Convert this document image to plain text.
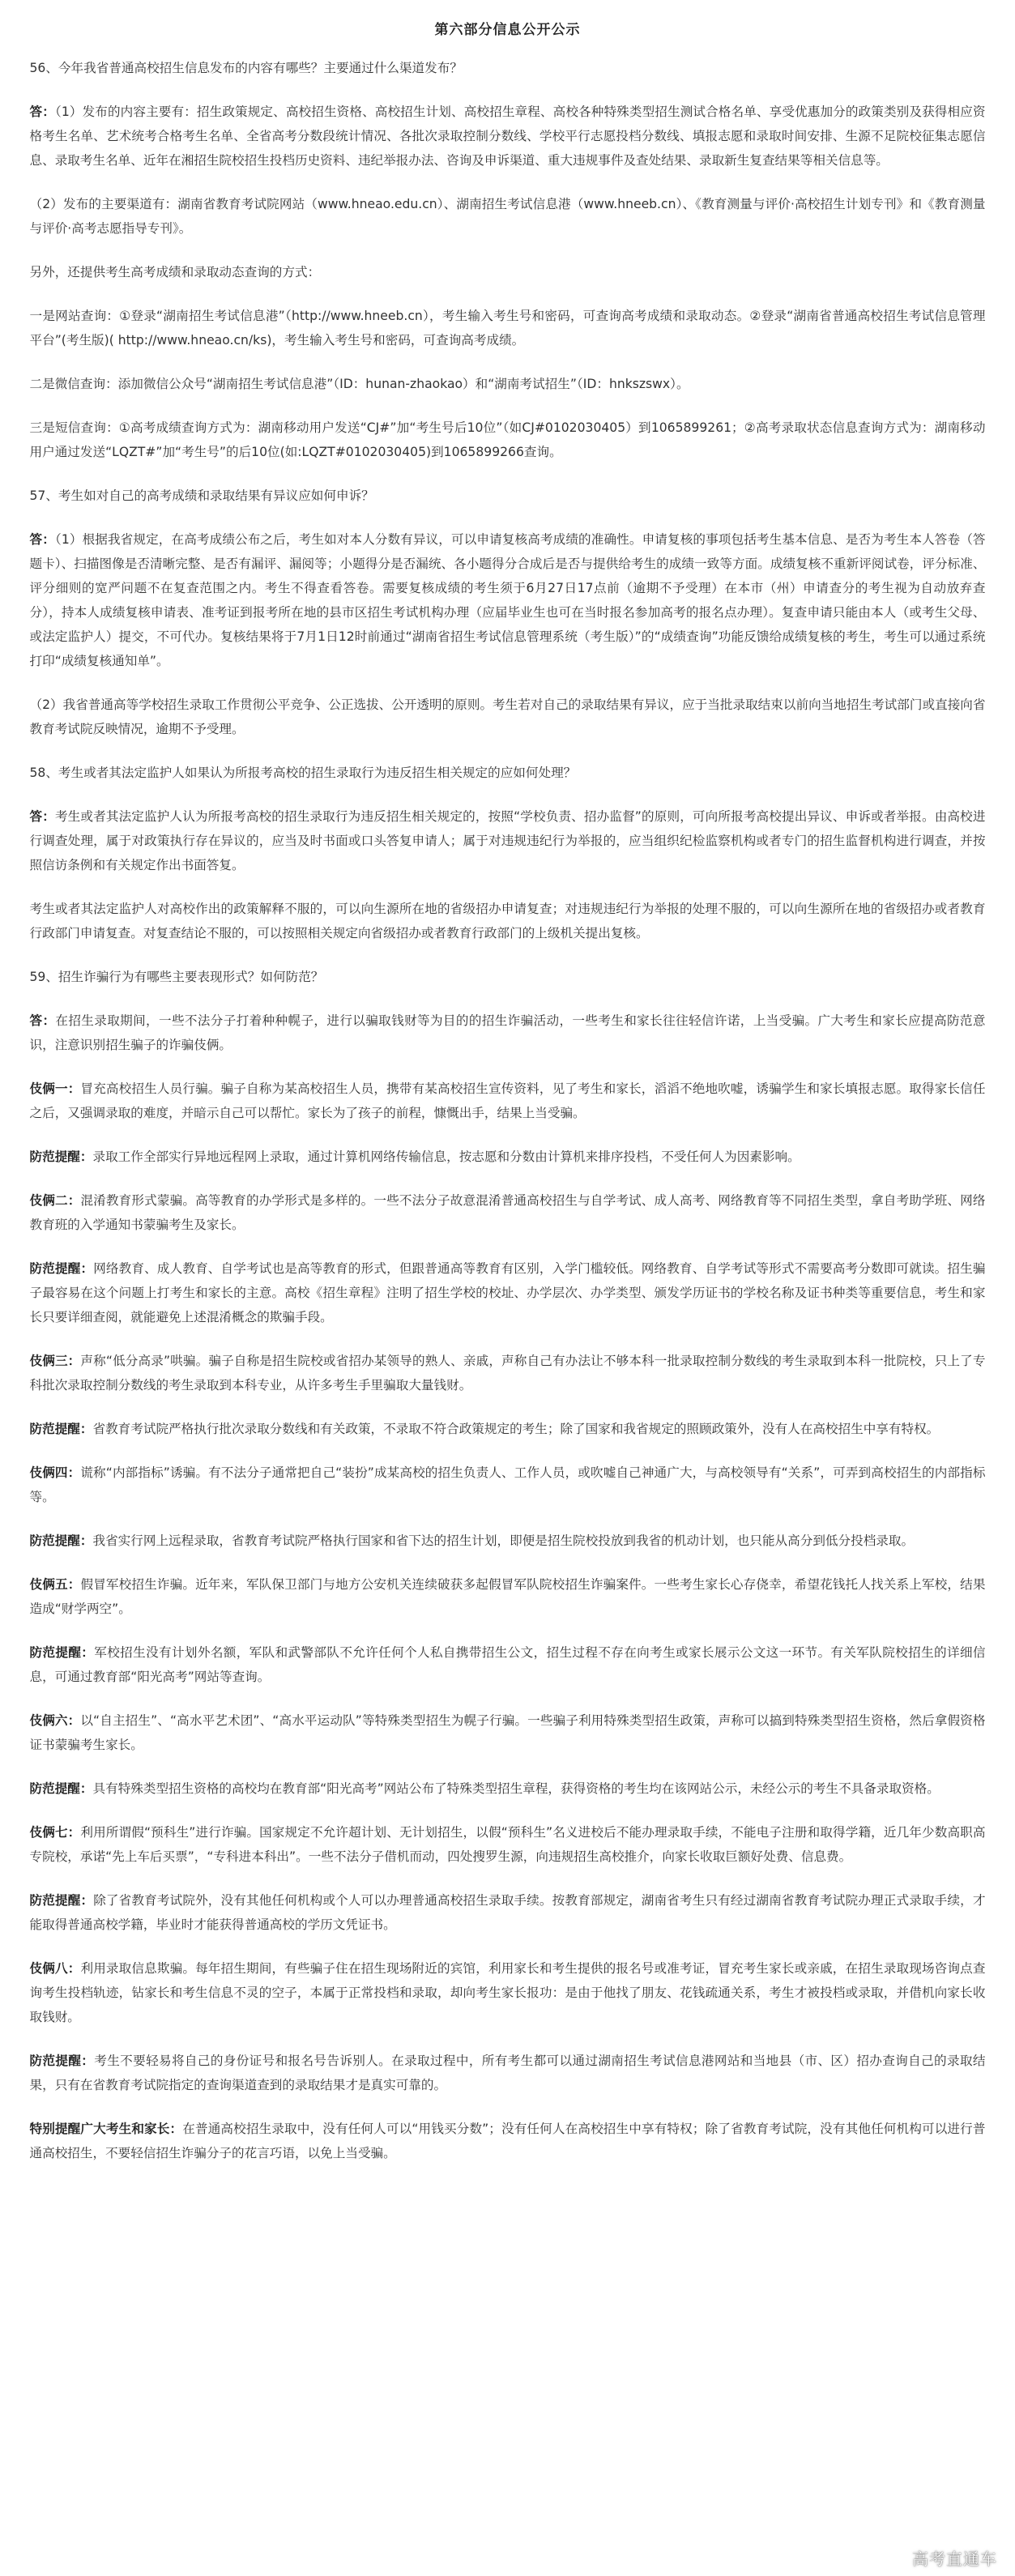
第六部分信息公开公示
56、今年我省普通高校招生信息发布的内容有哪些？主要通过什么渠道发布？

答：（1）发布的内容主要有：招生政策规定、高校招生资格、高校招生计划、高校招生章程、高校各种特殊类型招生测试合格名单、享受优惠加分的政策类别及获得相应资格考生名单、艺术统考合格考生名单、全省高考分数段统计情况、各批次录取控制分数线、学校平行志愿投档分数线、填报志愿和录取时间安排、生源不足院校征集志愿信息、录取考生名单、近年在湘招生院校招生投档历史资料、违纪举报办法、咨询及申诉渠道、重大违规事件及查处结果、录取新生复查结果等相关信息等。

（2）发布的主要渠道有：湖南省教育考试院网站（www.hneao.edu.cn）、湖南招生考试信息港（www.hneeb.cn）、《教育测量与评价·高校招生计划专刊》和《教育测量与评价·高考志愿指导专刊》。

另外，还提供考生高考成绩和录取动态查询的方式：

一是网站查询：①登录“湖南招生考试信息港”（http://www.hneeb.cn），考生输入考生号和密码，可查询高考成绩和录取动态。②登录“湖南省普通高校招生考试信息管理平台”(考生版)( http://www.hneao.cn/ks)，考生输入考生号和密码，可查询高考成绩。

二是微信查询：添加微信公众号“湖南招生考试信息港”（ID：hunan-zhaokao）和“湖南考试招生”（ID：hnkszswx）。

三是短信查询：①高考成绩查询方式为：湖南移动用户发送“CJ#”加“考生号后10位”（如CJ#0102030405）到1065899261；②高考录取状态信息查询方式为：湖南移动用户通过发送“LQZT#”加“考生号”的后10位(如:LQZT#0102030405)到1065899266查询。

57、考生如对自己的高考成绩和录取结果有异议应如何申诉？

答：（1）根据我省规定，在高考成绩公布之后，考生如对本人分数有异议，可以申请复核高考成绩的准确性。申请复核的事项包括考生基本信息、是否为考生本人答卷（答题卡）、扫描图像是否清晰完整、是否有漏评、漏阅等；小题得分是否漏统、各小题得分合成后是否与提供给考生的成绩一致等方面。成绩复核不重新评阅试卷，评分标准、评分细则的宽严问题不在复查范围之内。考生不得查看答卷。需要复核成绩的考生须于6月27日17点前（逾期不予受理）在本市（州）申请查分的考生视为自动放弃查分），持本人成绩复核申请表、准考证到报考所在地的县市区招生考试机构办理（应届毕业生也可在当时报名参加高考的报名点办理）。复查申请只能由本人（或考生父母、或法定监护人）提交，不可代办。复核结果将于7月1日12时前通过“湖南省招生考试信息管理系统（考生版）”的“成绩查询”功能反馈给成绩复核的考生，考生可以通过系统打印“成绩复核通知单”。

（2）我省普通高等学校招生录取工作贯彻公平竞争、公正选拔、公开透明的原则。考生若对自己的录取结果有异议，应于当批录取结束以前向当地招生考试部门或直接向省教育考试院反映情况，逾期不予受理。

58、考生或者其法定监护人如果认为所报考高校的招生录取行为违反招生相关规定的应如何处理？

答：考生或者其法定监护人认为所报考高校的招生录取行为违反招生相关规定的，按照“学校负责、招办监督”的原则，可向所报考高校提出异议、申诉或者举报。由高校进行调查处理，属于对政策执行存在异议的，应当及时书面或口头答复申请人；属于对违规违纪行为举报的，应当组织纪检监察机构或者专门的招生监督机构进行调查，并按照信访条例和有关规定作出书面答复。

考生或者其法定监护人对高校作出的政策解释不服的，可以向生源所在地的省级招办申请复查；对违规违纪行为举报的处理不服的，可以向生源所在地的省级招办或者教育行政部门申请复查。对复查结论不服的，可以按照相关规定向省级招办或者教育行政部门的上级机关提出复核。

59、招生诈骗行为有哪些主要表现形式？如何防范？

答：在招生录取期间，一些不法分子打着种种幌子，进行以骗取钱财等为目的的招生诈骗活动，一些考生和家长往往轻信许诺，上当受骗。广大考生和家长应提高防范意识，注意识别招生骗子的诈骗伎俩。

伎俩一：冒充高校招生人员行骗。骗子自称为某高校招生人员，携带有某高校招生宣传资料，见了考生和家长，滔滔不绝地吹嘘，诱骗学生和家长填报志愿。取得家长信任之后，又强调录取的难度，并暗示自己可以帮忙。家长为了孩子的前程，慷慨出手，结果上当受骗。

防范提醒：录取工作全部实行异地远程网上录取，通过计算机网络传输信息，按志愿和分数由计算机来排序投档，不受任何人为因素影响。

伎俩二：混淆教育形式蒙骗。高等教育的办学形式是多样的。一些不法分子故意混淆普通高校招生与自学考试、成人高考、网络教育等不同招生类型，拿自考助学班、网络教育班的入学通知书蒙骗考生及家长。

防范提醒：网络教育、成人教育、自学考试也是高等教育的形式，但跟普通高等教育有区别，入学门槛较低。网络教育、自学考试等形式不需要高考分数即可就读。招生骗子最容易在这个问题上打考生和家长的主意。高校《招生章程》注明了招生学校的校址、办学层次、办学类型、颁发学历证书的学校名称及证书种类等重要信息，考生和家长只要详细查阅，就能避免上述混淆概念的欺骗手段。

伎俩三：声称“低分高录”哄骗。骗子自称是招生院校或省招办某领导的熟人、亲戚，声称自己有办法让不够本科一批录取控制分数线的考生录取到本科一批院校，只上了专科批次录取控制分数线的考生录取到本科专业，从许多考生手里骗取大量钱财。

防范提醒：省教育考试院严格执行批次录取分数线和有关政策，不录取不符合政策规定的考生；除了国家和我省规定的照顾政策外，没有人在高校招生中享有特权。

伎俩四：谎称“内部指标”诱骗。有不法分子通常把自己“装扮”成某高校的招生负责人、工作人员，或吹嘘自己神通广大，与高校领导有“关系”，可弄到高校招生的内部指标等。

防范提醒：我省实行网上远程录取，省教育考试院严格执行国家和省下达的招生计划，即便是招生院校投放到我省的机动计划，也只能从高分到低分投档录取。

伎俩五：假冒军校招生诈骗。近年来，军队保卫部门与地方公安机关连续破获多起假冒军队院校招生诈骗案件。一些考生家长心存侥幸，希望花钱托人找关系上军校，结果造成“财学两空”。

防范提醒：军校招生没有计划外名额，军队和武警部队不允许任何个人私自携带招生公文，招生过程不存在向考生或家长展示公文这一环节。有关军队院校招生的详细信息，可通过教育部“阳光高考”网站等查询。

伎俩六：以“自主招生”、“高水平艺术团”、“高水平运动队”等特殊类型招生为幌子行骗。一些骗子利用特殊类型招生政策，声称可以搞到特殊类型招生资格，然后拿假资格证书蒙骗考生家长。

防范提醒：具有特殊类型招生资格的高校均在教育部“阳光高考”网站公布了特殊类型招生章程，获得资格的考生均在该网站公示，未经公示的考生不具备录取资格。

伎俩七：利用所谓假“预科生”进行诈骗。国家规定不允许超计划、无计划招生，以假“预科生”名义进校后不能办理录取手续，不能电子注册和取得学籍，近几年少数高职高专院校，承诺“先上车后买票”，“专科进本科出”。一些不法分子借机而动，四处搜罗生源，向违规招生高校推介，向家长收取巨额好处费、信息费。

防范提醒：除了省教育考试院外，没有其他任何机构或个人可以办理普通高校招生录取手续。按教育部规定，湖南省考生只有经过湖南省教育考试院办理正式录取手续，才能取得普通高校学籍，毕业时才能获得普通高校的学历文凭证书。

伎俩八：利用录取信息欺骗。每年招生期间，有些骗子住在招生现场附近的宾馆，利用家长和考生提供的报名号或准考证，冒充考生家长或亲戚，在招生录取现场咨询点查询考生投档轨迹，钻家长和考生信息不灵的空子，本属于正常投档和录取，却向考生家长报功：是由于他找了朋友、花钱疏通关系，考生才被投档或录取，并借机向家长收取钱财。

防范提醒：考生不要轻易将自己的身份证号和报名号告诉别人。在录取过程中，所有考生都可以通过湖南招生考试信息港网站和当地县（市、区）招办查询自己的录取结果，只有在省教育考试院指定的查询渠道查到的录取结果才是真实可靠的。

特别提醒广大考生和家长：在普通高校招生录取中，没有任何人可以“用钱买分数”；没有任何人在高校招生中享有特权；除了省教育考试院，没有其他任何机构可以进行普通高校招生，不要轻信招生诈骗分子的花言巧语，以免上当受骗。

高考直通车
